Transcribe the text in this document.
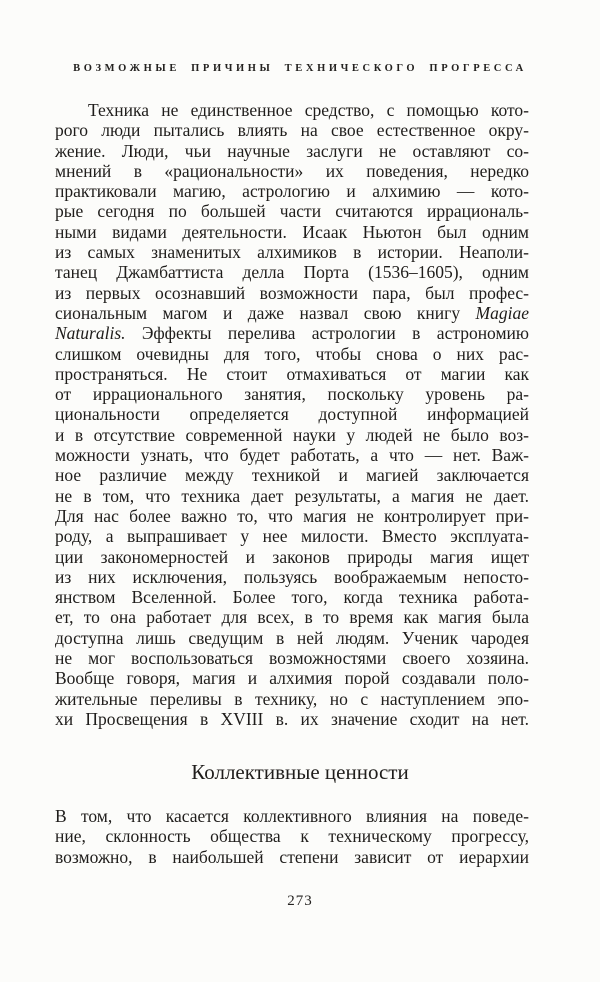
ВОЗМОЖНЫЕ ПРИЧИНЫ ТЕХНИЧЕСКОГО ПРОГРЕССА
Техника не единственное средство, с помощью кото-
рого люди пытались влиять на свое естественное окру-
жение. Люди, чьи научные заслуги не оставляют со-
мнений в «рациональности» их поведения, нередко
практиковали магию, астрологию и алхимию — кото-
рые сегодня по большей части считаются иррациональ-
ными видами деятельности. Исаак Ньютон был одним
из самых знаменитых алхимиков в истории. Неаполи-
танец Джамбаттиста делла Порта (1536–1605), одним
из первых осознавший возможности пара, был профес-
сиональным магом и даже назвал свою книгу Magiae
Naturalis. Эффекты перелива астрологии в астрономию
слишком очевидны для того, чтобы снова о них рас-
пространяться. Не стоит отмахиваться от магии как
от иррационального занятия, поскольку уровень ра-
циональности определяется доступной информацией
и в отсутствие современной науки у людей не было воз-
можности узнать, что будет работать, а что — нет. Важ-
ное различие между техникой и магией заключается
не в том, что техника дает результаты, а магия не дает.
Для нас более важно то, что магия не контролирует при-
роду, а выпрашивает у нее милости. Вместо эксплуата-
ции закономерностей и законов природы магия ищет
из них исключения, пользуясь воображаемым непосто-
янством Вселенной. Более того, когда техника работа-
ет, то она работает для всех, в то время как магия была
доступна лишь сведущим в ней людям. Ученик чародея
не мог воспользоваться возможностями своего хозяина.
Вообще говоря, магия и алхимия порой создавали поло-
жительные переливы в технику, но с наступлением эпо-
хи Просвещения в XVIII в. их значение сходит на нет.
Коллективные ценности
В том, что касается коллективного влияния на поведе-
ние, склонность общества к техническому прогрессу,
возможно, в наибольшей степени зависит от иерархии
273
